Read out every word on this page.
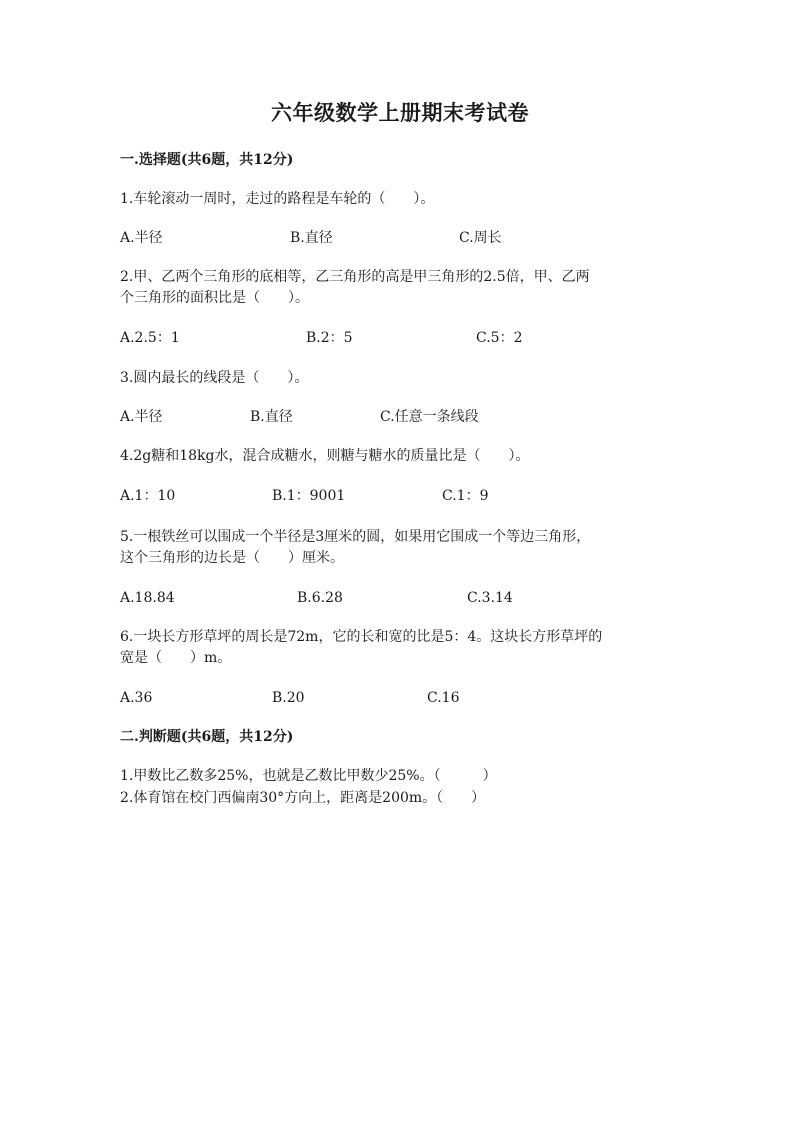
六年级数学上册期末考试卷
一.选择题(共6题，共12分)
1.车轮滚动一周时，走过的路程是车轮的（　　）。
A.半径	B.直径	C.周长
2.甲、乙两个三角形的底相等，乙三角形的高是甲三角形的2.5倍，甲、乙两
个三角形的面积比是（　　）。
A.2.5：1	B.2：5	C.5：2
3.圆内最长的线段是（　　）。
A.半径	B.直径	C.任意一条线段
4.2g糖和18kg水，混合成糖水，则糖与糖水的质量比是（　　）。
A.1：10	B.1：9001	C.1：9
5.一根铁丝可以围成一个半径是3厘米的圆，如果用它围成一个等边三角形，
这个三角形的边长是（　　）厘米。
A.18.84	B.6.28	C.3.14
6.一块长方形草坪的周长是72m，它的长和宽的比是5：4。这块长方形草坪的
宽是（　　）m。
A.36	B.20	C.16
二.判断题(共6题，共12分)
1.甲数比乙数多25%，也就是乙数比甲数少25%。（　　　）
2.体育馆在校门西偏南30°方向上，距离是200m。（　　）
